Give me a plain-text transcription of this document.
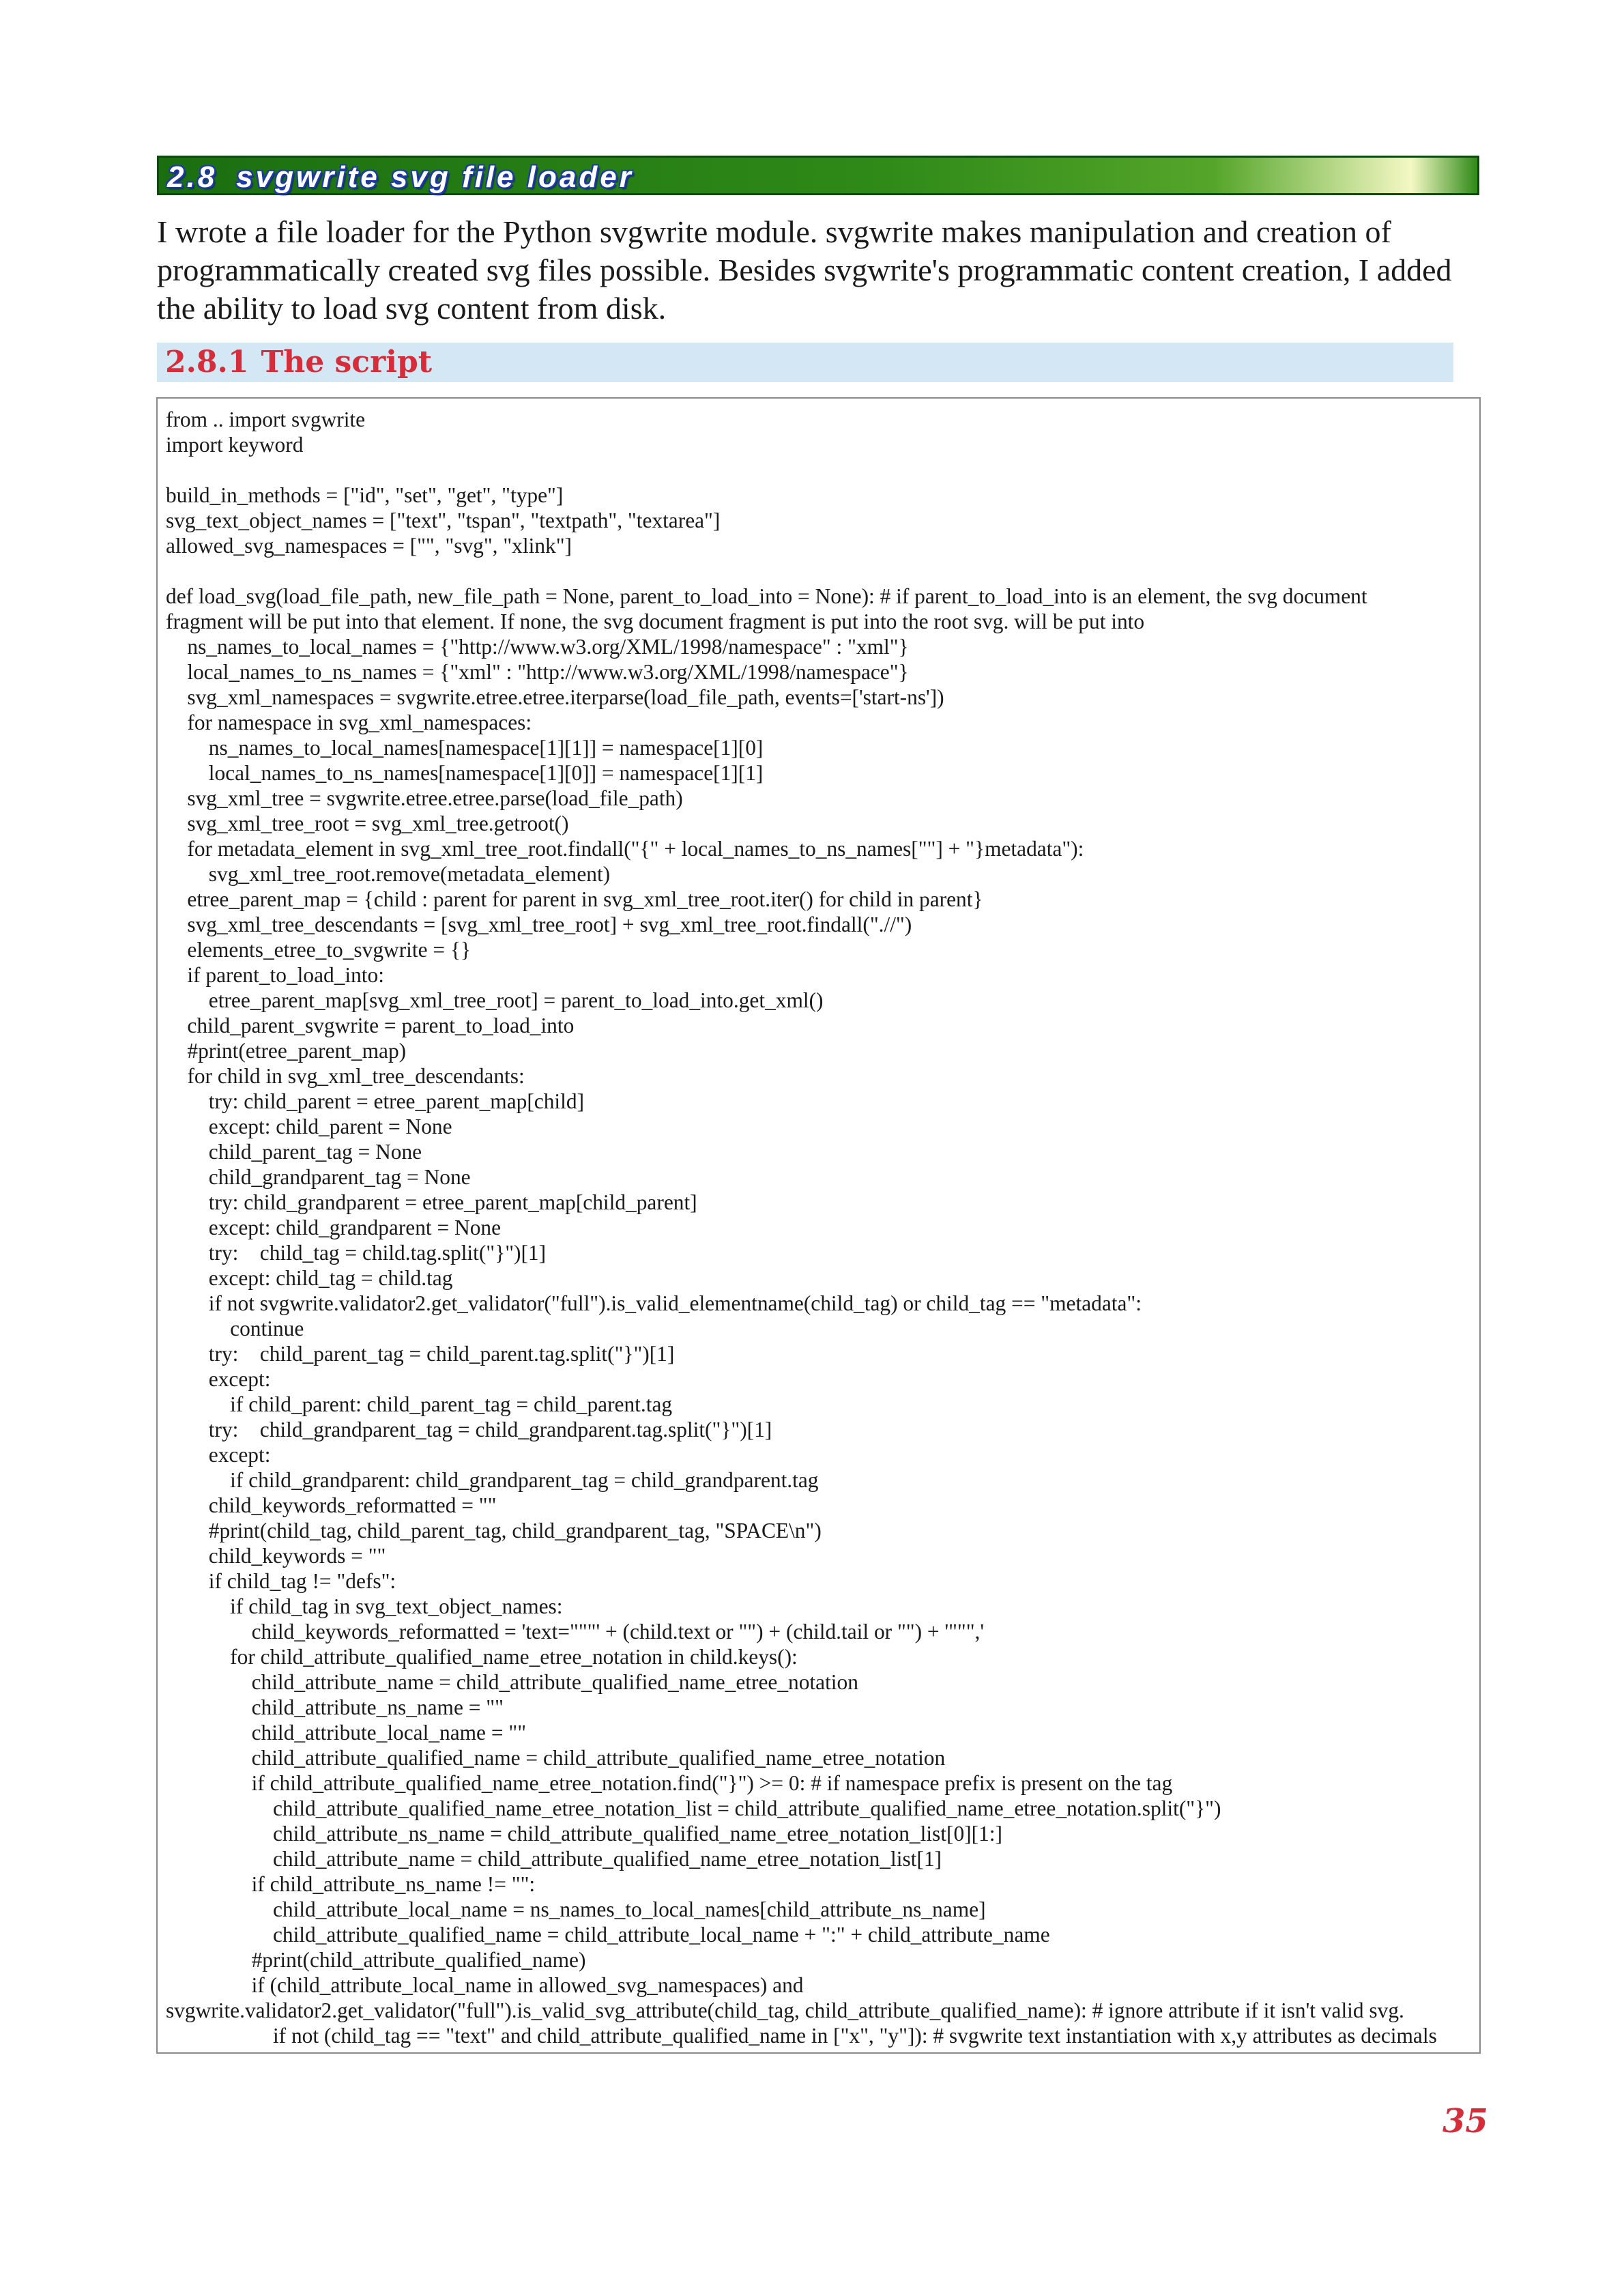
2.8 svgwrite svg file loader

I wrote a file loader for the Python svgwrite module. svgwrite makes manipulation and creation of programmatically created svg files possible. Besides svgwrite's programmatic content creation, I added the ability to load svg content from disk.

2.8.1 The script
from .. import svgwrite
import keyword
build_in_methods = ["id", "set", "get", "type"]
svg_text_object_names = ["text", "tspan", "textpath", "textarea"]
allowed_svg_namespaces = ["", "svg", "xlink"]
def load_svg(load_file_path, new_file_path = None, parent_to_load_into = None): # if parent_to_load_into is an element, the svg document
fragment will be put into that element. If none, the svg document fragment is put into the root svg. will be put into
ns_names_to_local_names = {"http://www.w3.org/XML/1998/namespace" : "xml"}
local_names_to_ns_names = {"xml" : "http://www.w3.org/XML/1998/namespace"}
svg_xml_namespaces = svgwrite.etree.etree.iterparse(load_file_path, events=['start-ns'])
for namespace in svg_xml_namespaces:
ns_names_to_local_names[namespace[1][1]] = namespace[1][0]
local_names_to_ns_names[namespace[1][0]] = namespace[1][1]
svg_xml_tree = svgwrite.etree.etree.parse(load_file_path)
svg_xml_tree_root = svg_xml_tree.getroot()
for metadata_element in svg_xml_tree_root.findall("{" + local_names_to_ns_names[""] + "}metadata"):
svg_xml_tree_root.remove(metadata_element)
etree_parent_map = {child : parent for parent in svg_xml_tree_root.iter() for child in parent}
svg_xml_tree_descendants = [svg_xml_tree_root] + svg_xml_tree_root.findall(".//")
elements_etree_to_svgwrite = {}
if parent_to_load_into:
etree_parent_map[svg_xml_tree_root] = parent_to_load_into.get_xml()
child_parent_svgwrite = parent_to_load_into
#print(etree_parent_map)
for child in svg_xml_tree_descendants:
try: child_parent = etree_parent_map[child]
except: child_parent = None
child_parent_tag = None
child_grandparent_tag = None
try: child_grandparent = etree_parent_map[child_parent]
except: child_grandparent = None
try:    child_tag = child.tag.split("}")[1]
except: child_tag = child.tag
if not svgwrite.validator2.get_validator("full").is_valid_elementname(child_tag) or child_tag == "metadata":
continue
try:    child_parent_tag = child_parent.tag.split("}")[1]
except:
if child_parent: child_parent_tag = child_parent.tag
try:    child_grandparent_tag = child_grandparent.tag.split("}")[1]
except:
if child_grandparent: child_grandparent_tag = child_grandparent.tag
child_keywords_reformatted = ""
#print(child_tag, child_parent_tag, child_grandparent_tag, "SPACE\n")
child_keywords = ""
if child_tag != "defs":
if child_tag in svg_text_object_names:
child_keywords_reformatted = 'text="""' + (child.text or "") + (child.tail or "") + '""",'
for child_attribute_qualified_name_etree_notation in child.keys():
child_attribute_name = child_attribute_qualified_name_etree_notation
child_attribute_ns_name = ""
child_attribute_local_name = ""
child_attribute_qualified_name = child_attribute_qualified_name_etree_notation
if child_attribute_qualified_name_etree_notation.find("}") >= 0: # if namespace prefix is present on the tag
child_attribute_qualified_name_etree_notation_list = child_attribute_qualified_name_etree_notation.split("}")
child_attribute_ns_name = child_attribute_qualified_name_etree_notation_list[0][1:]
child_attribute_name = child_attribute_qualified_name_etree_notation_list[1]
if child_attribute_ns_name != "":
child_attribute_local_name = ns_names_to_local_names[child_attribute_ns_name]
child_attribute_qualified_name = child_attribute_local_name + ":" + child_attribute_name
#print(child_attribute_qualified_name)
if (child_attribute_local_name in allowed_svg_namespaces) and
svgwrite.validator2.get_validator("full").is_valid_svg_attribute(child_tag, child_attribute_qualified_name): # ignore attribute if it isn't valid svg.
if not (child_tag == "text" and child_attribute_qualified_name in ["x", "y"]): # svgwrite text instantiation with x,y attributes as decimals
35
